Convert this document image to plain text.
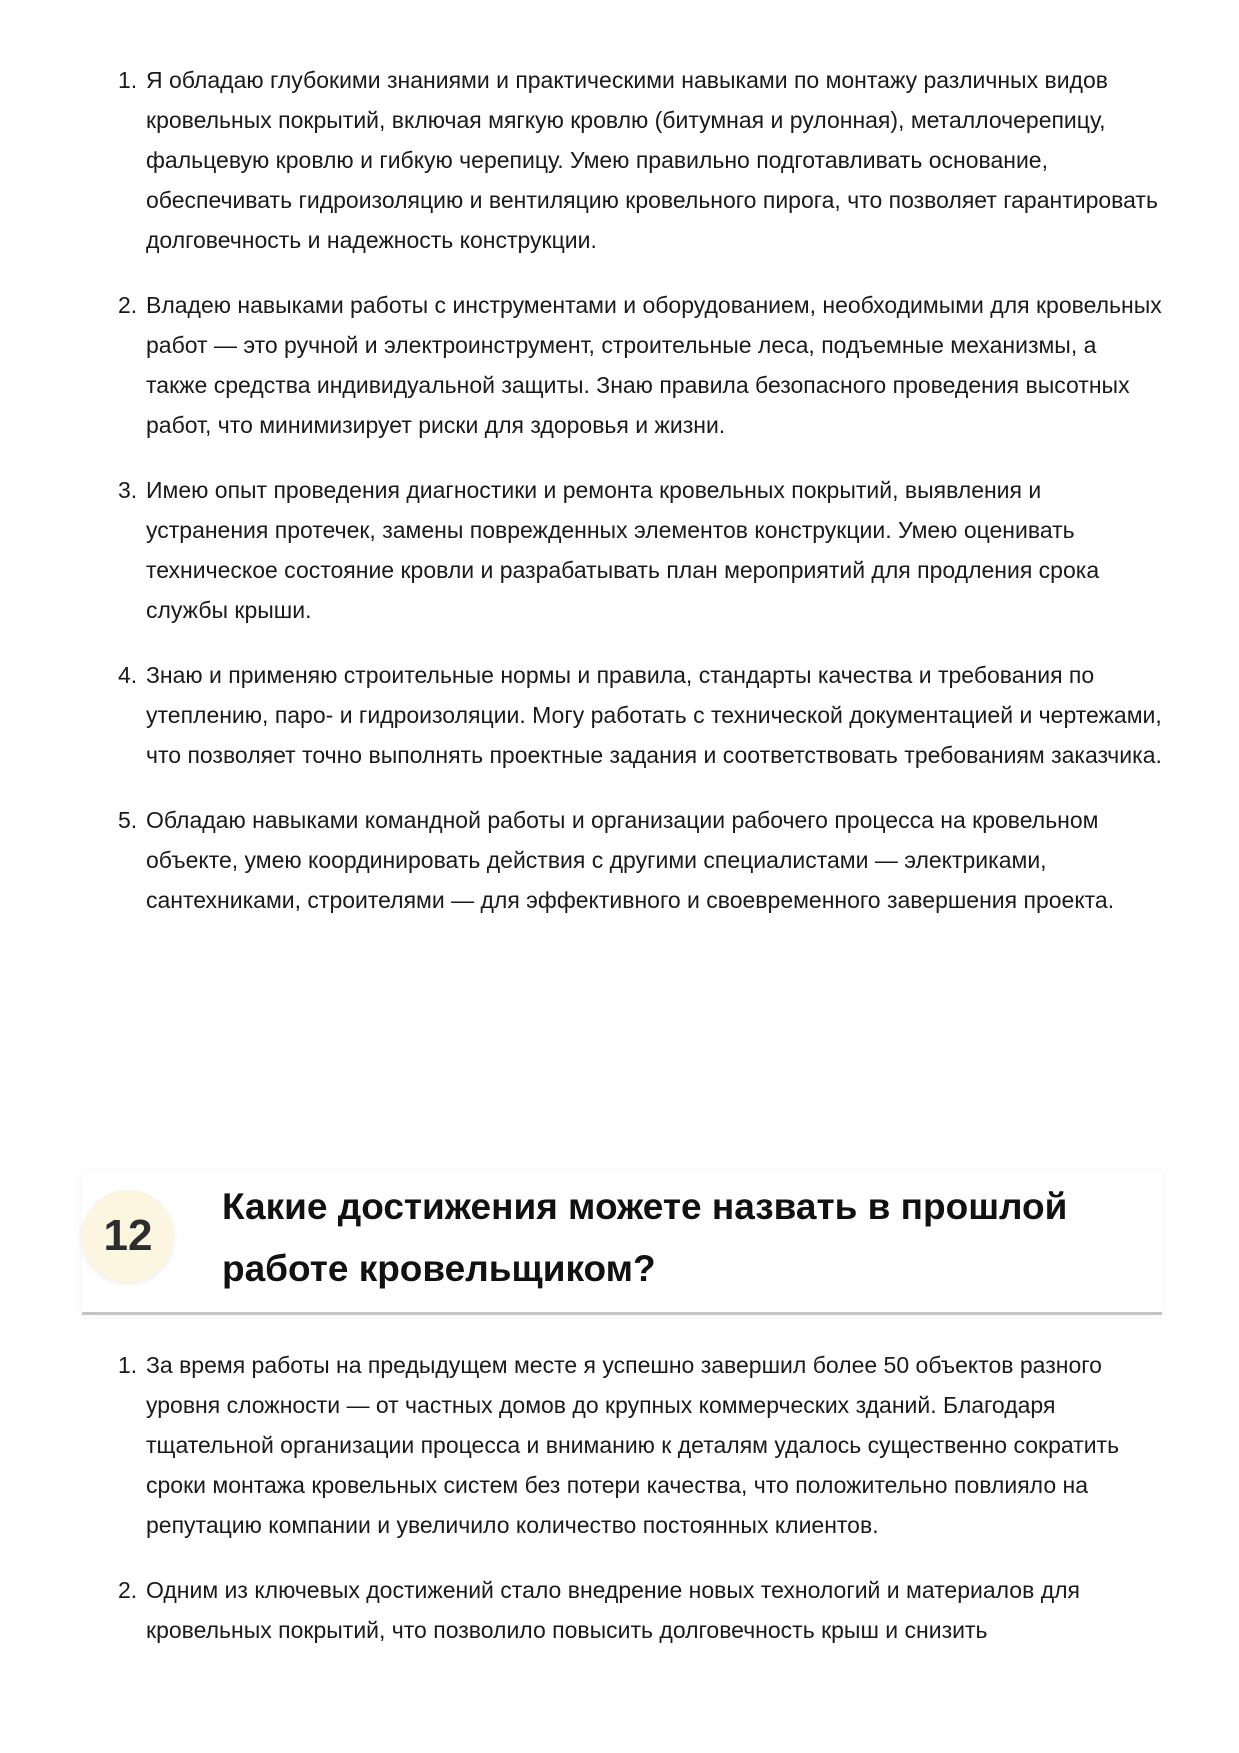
1. Я обладаю глубокими знаниями и практическими навыками по монтажу различных видов кровельных покрытий, включая мягкую кровлю (битумная и рулонная), металлочерепицу, фальцевую кровлю и гибкую черепицу. Умею правильно подготавливать основание, обеспечивать гидроизоляцию и вентиляцию кровельного пирога, что позволяет гарантировать долговечность и надежность конструкции.
2. Владею навыками работы с инструментами и оборудованием, необходимыми для кровельных работ — это ручной и электроинструмент, строительные леса, подъемные механизмы, а также средства индивидуальной защиты. Знаю правила безопасного проведения высотных работ, что минимизирует риски для здоровья и жизни.
3. Имею опыт проведения диагностики и ремонта кровельных покрытий, выявления и устранения протечек, замены поврежденных элементов конструкции. Умею оценивать техническое состояние кровли и разрабатывать план мероприятий для продления срока службы крыши.
4. Знаю и применяю строительные нормы и правила, стандарты качества и требования по утеплению, паро- и гидроизоляции. Могу работать с технической документацией и чертежами, что позволяет точно выполнять проектные задания и соответствовать требованиям заказчика.
5. Обладаю навыками командной работы и организации рабочего процесса на кровельном объекте, умею координировать действия с другими специалистами — электриками, сантехниками, строителями — для эффективного и своевременного завершения проекта.
12
Какие достижения можете назвать в прошлой работе кровельщиком?
1. За время работы на предыдущем месте я успешно завершил более 50 объектов разного уровня сложности — от частных домов до крупных коммерческих зданий. Благодаря тщательной организации процесса и вниманию к деталям удалось существенно сократить сроки монтажа кровельных систем без потери качества, что положительно повлияло на репутацию компании и увеличило количество постоянных клиентов.
2. Одним из ключевых достижений стало внедрение новых технологий и материалов для кровельных покрытий, что позволило повысить долговечность крыш и снизить
